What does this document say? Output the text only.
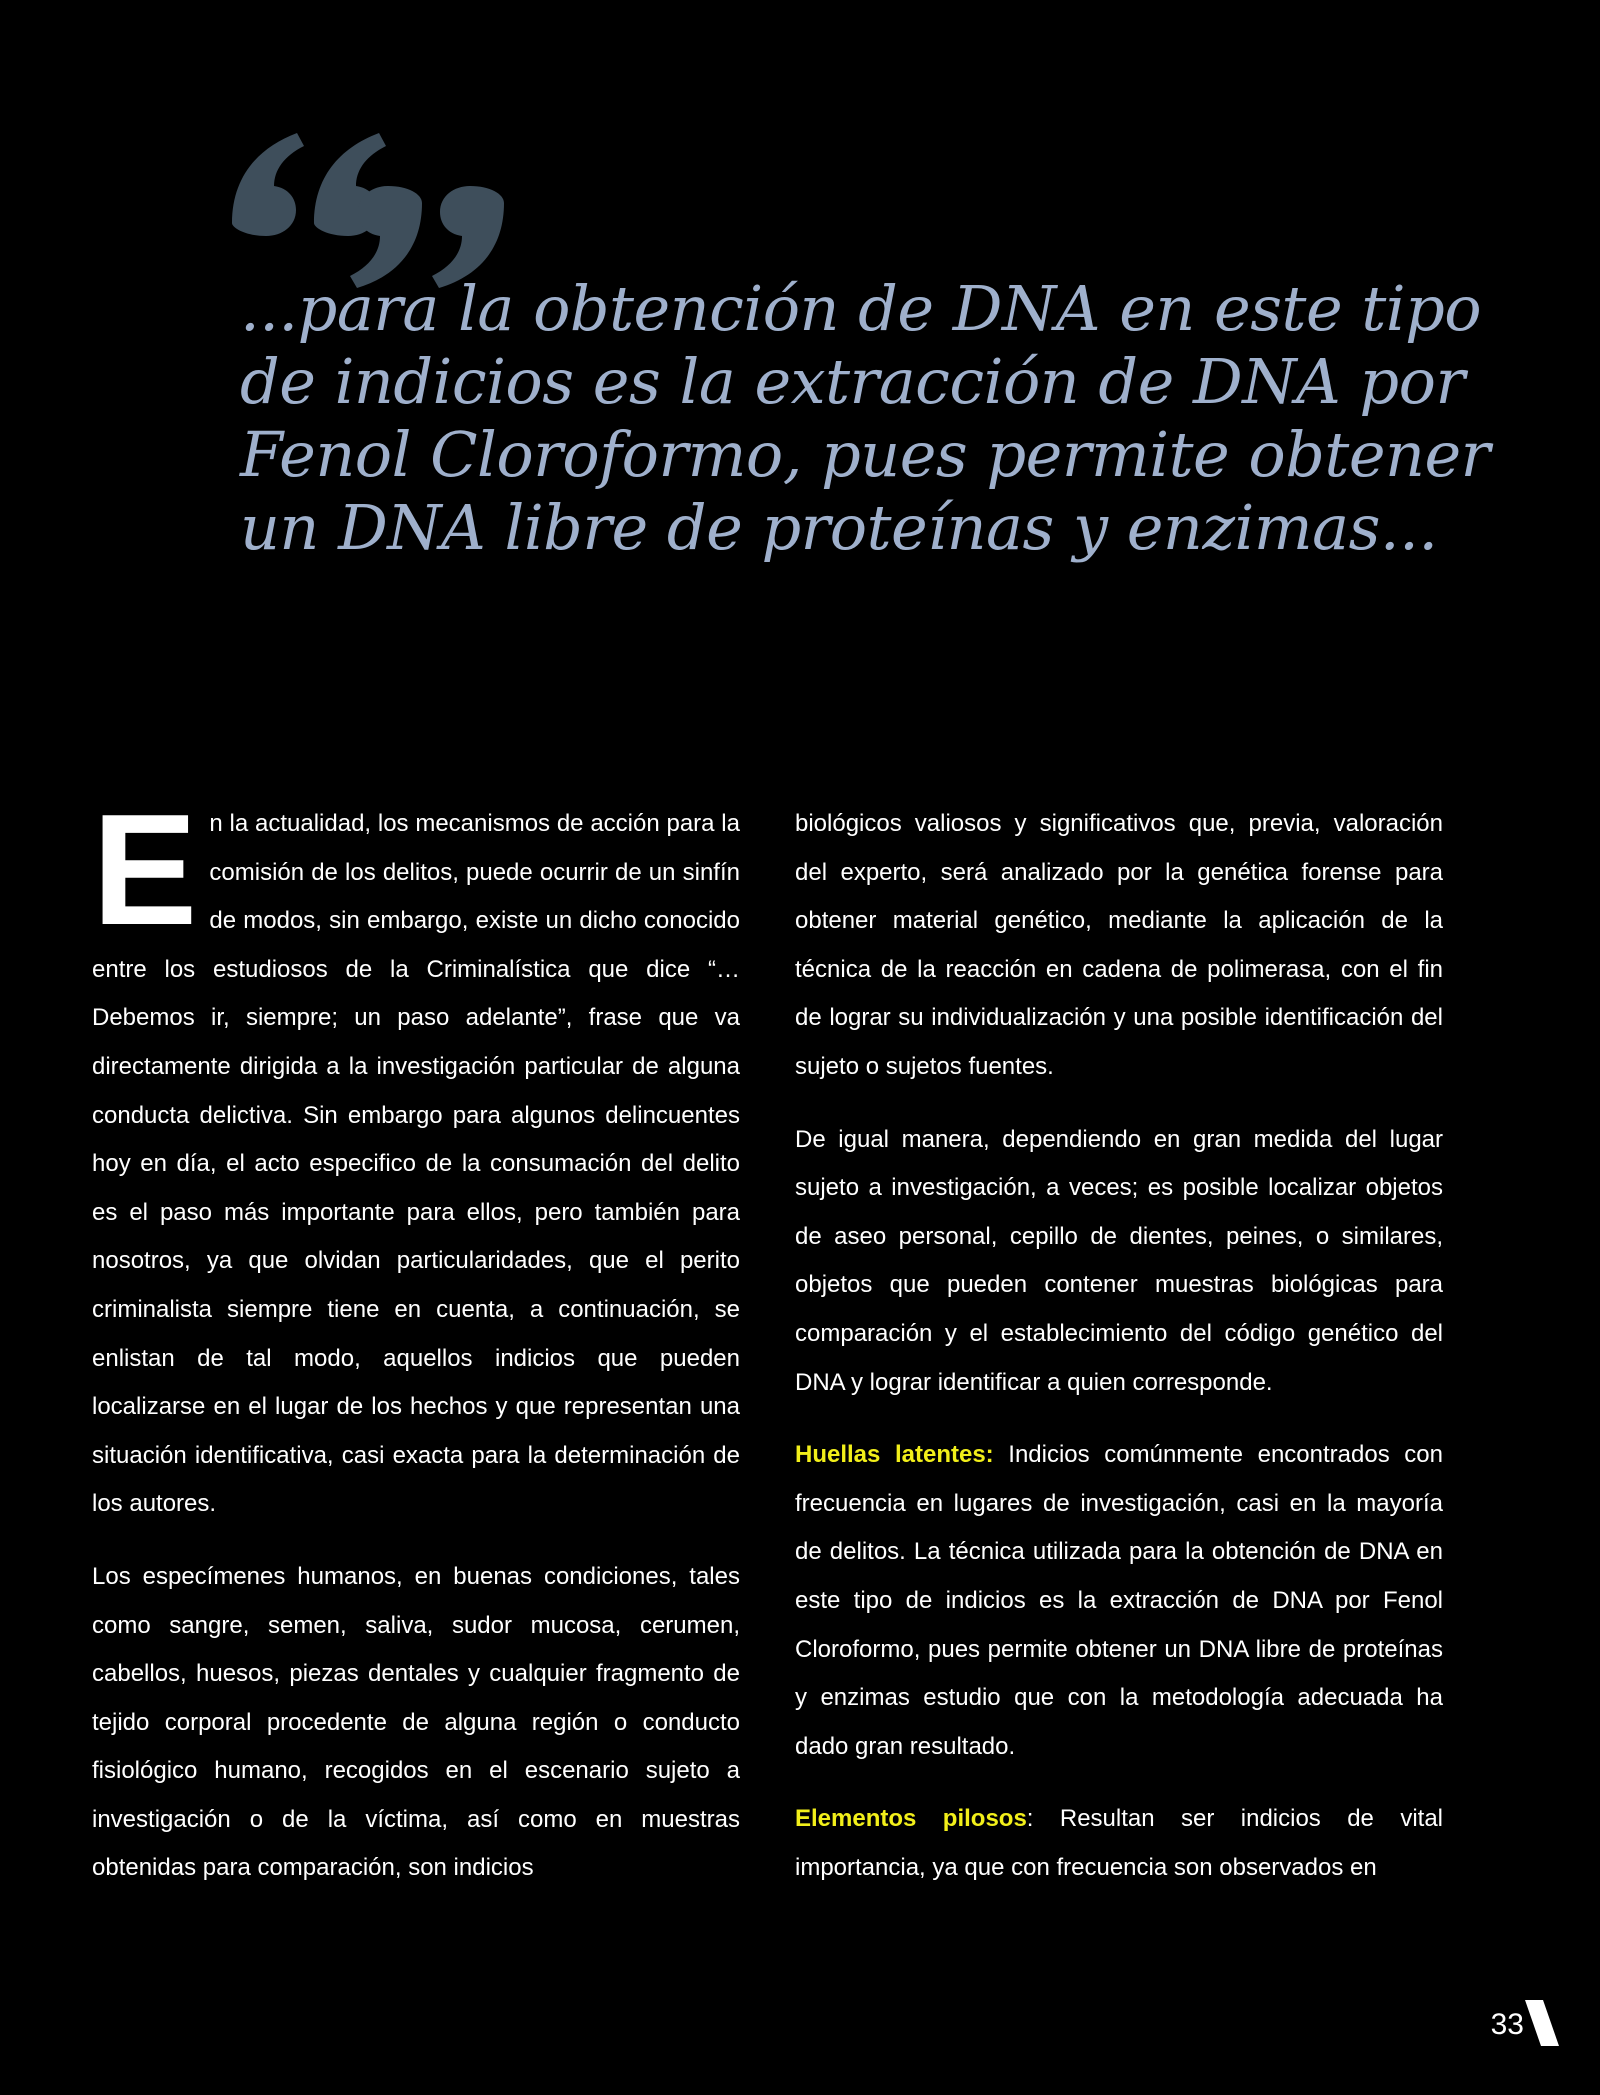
...para la obtención de DNA en este tipo de indicios es la extracción de DNA por Fenol Cloroformo, pues permite obtener un DNA libre de proteínas y enzimas...

En la actualidad, los mecanismos de acción para la comisión de los delitos, puede ocurrir de un sinfín de modos, sin embargo, existe un dicho conocido entre los estudiosos de la Criminalística que dice “…Debemos ir, siempre; un paso adelante”, frase que va directamente dirigida a la investigación particular de alguna conducta delictiva. Sin embargo para algunos delincuentes hoy en día, el acto especifico de la consumación del delito es el paso más importante para ellos, pero también para nosotros, ya que olvidan particularidades, que el perito criminalista siempre tiene en cuenta, a continuación, se enlistan de tal modo, aquellos indicios que pueden localizarse en el lugar de los hechos y que representan una situación identificativa, casi exacta para la determinación de los autores.

Los especímenes humanos, en buenas condiciones, tales como sangre, semen, saliva, sudor mucosa, cerumen, cabellos, huesos, piezas dentales y cualquier fragmento de tejido corporal procedente de alguna región o conducto fisiológico humano, recogidos en el escenario sujeto a investigación o de la víctima, así como en muestras obtenidas para comparación, son indicios

biológicos valiosos y significativos que, previa, valoración del experto, será analizado por la genética forense para obtener material genético, mediante la aplicación de la técnica de la reacción en cadena de polimerasa, con el fin de lograr su individualización y una posible identificación del sujeto o sujetos fuentes.

De igual manera, dependiendo en gran medida del lugar sujeto a investigación, a veces; es posible localizar objetos de aseo personal, cepillo de dientes, peines, o similares, objetos que pueden contener muestras biológicas para comparación y el establecimiento del código genético del DNA y lograr identificar a quien corresponde.

Huellas latentes: Indicios comúnmente encontrados con frecuencia en lugares de investigación, casi en la mayoría de delitos. La técnica utilizada para la obtención de DNA en este tipo de indicios es la extracción de DNA por Fenol Cloroformo, pues permite obtener un DNA libre de proteínas y enzimas estudio que con la metodología adecuada ha dado gran resultado.

Elementos pilosos: Resultan ser indicios de vital importancia, ya que con frecuencia son observados en

33
